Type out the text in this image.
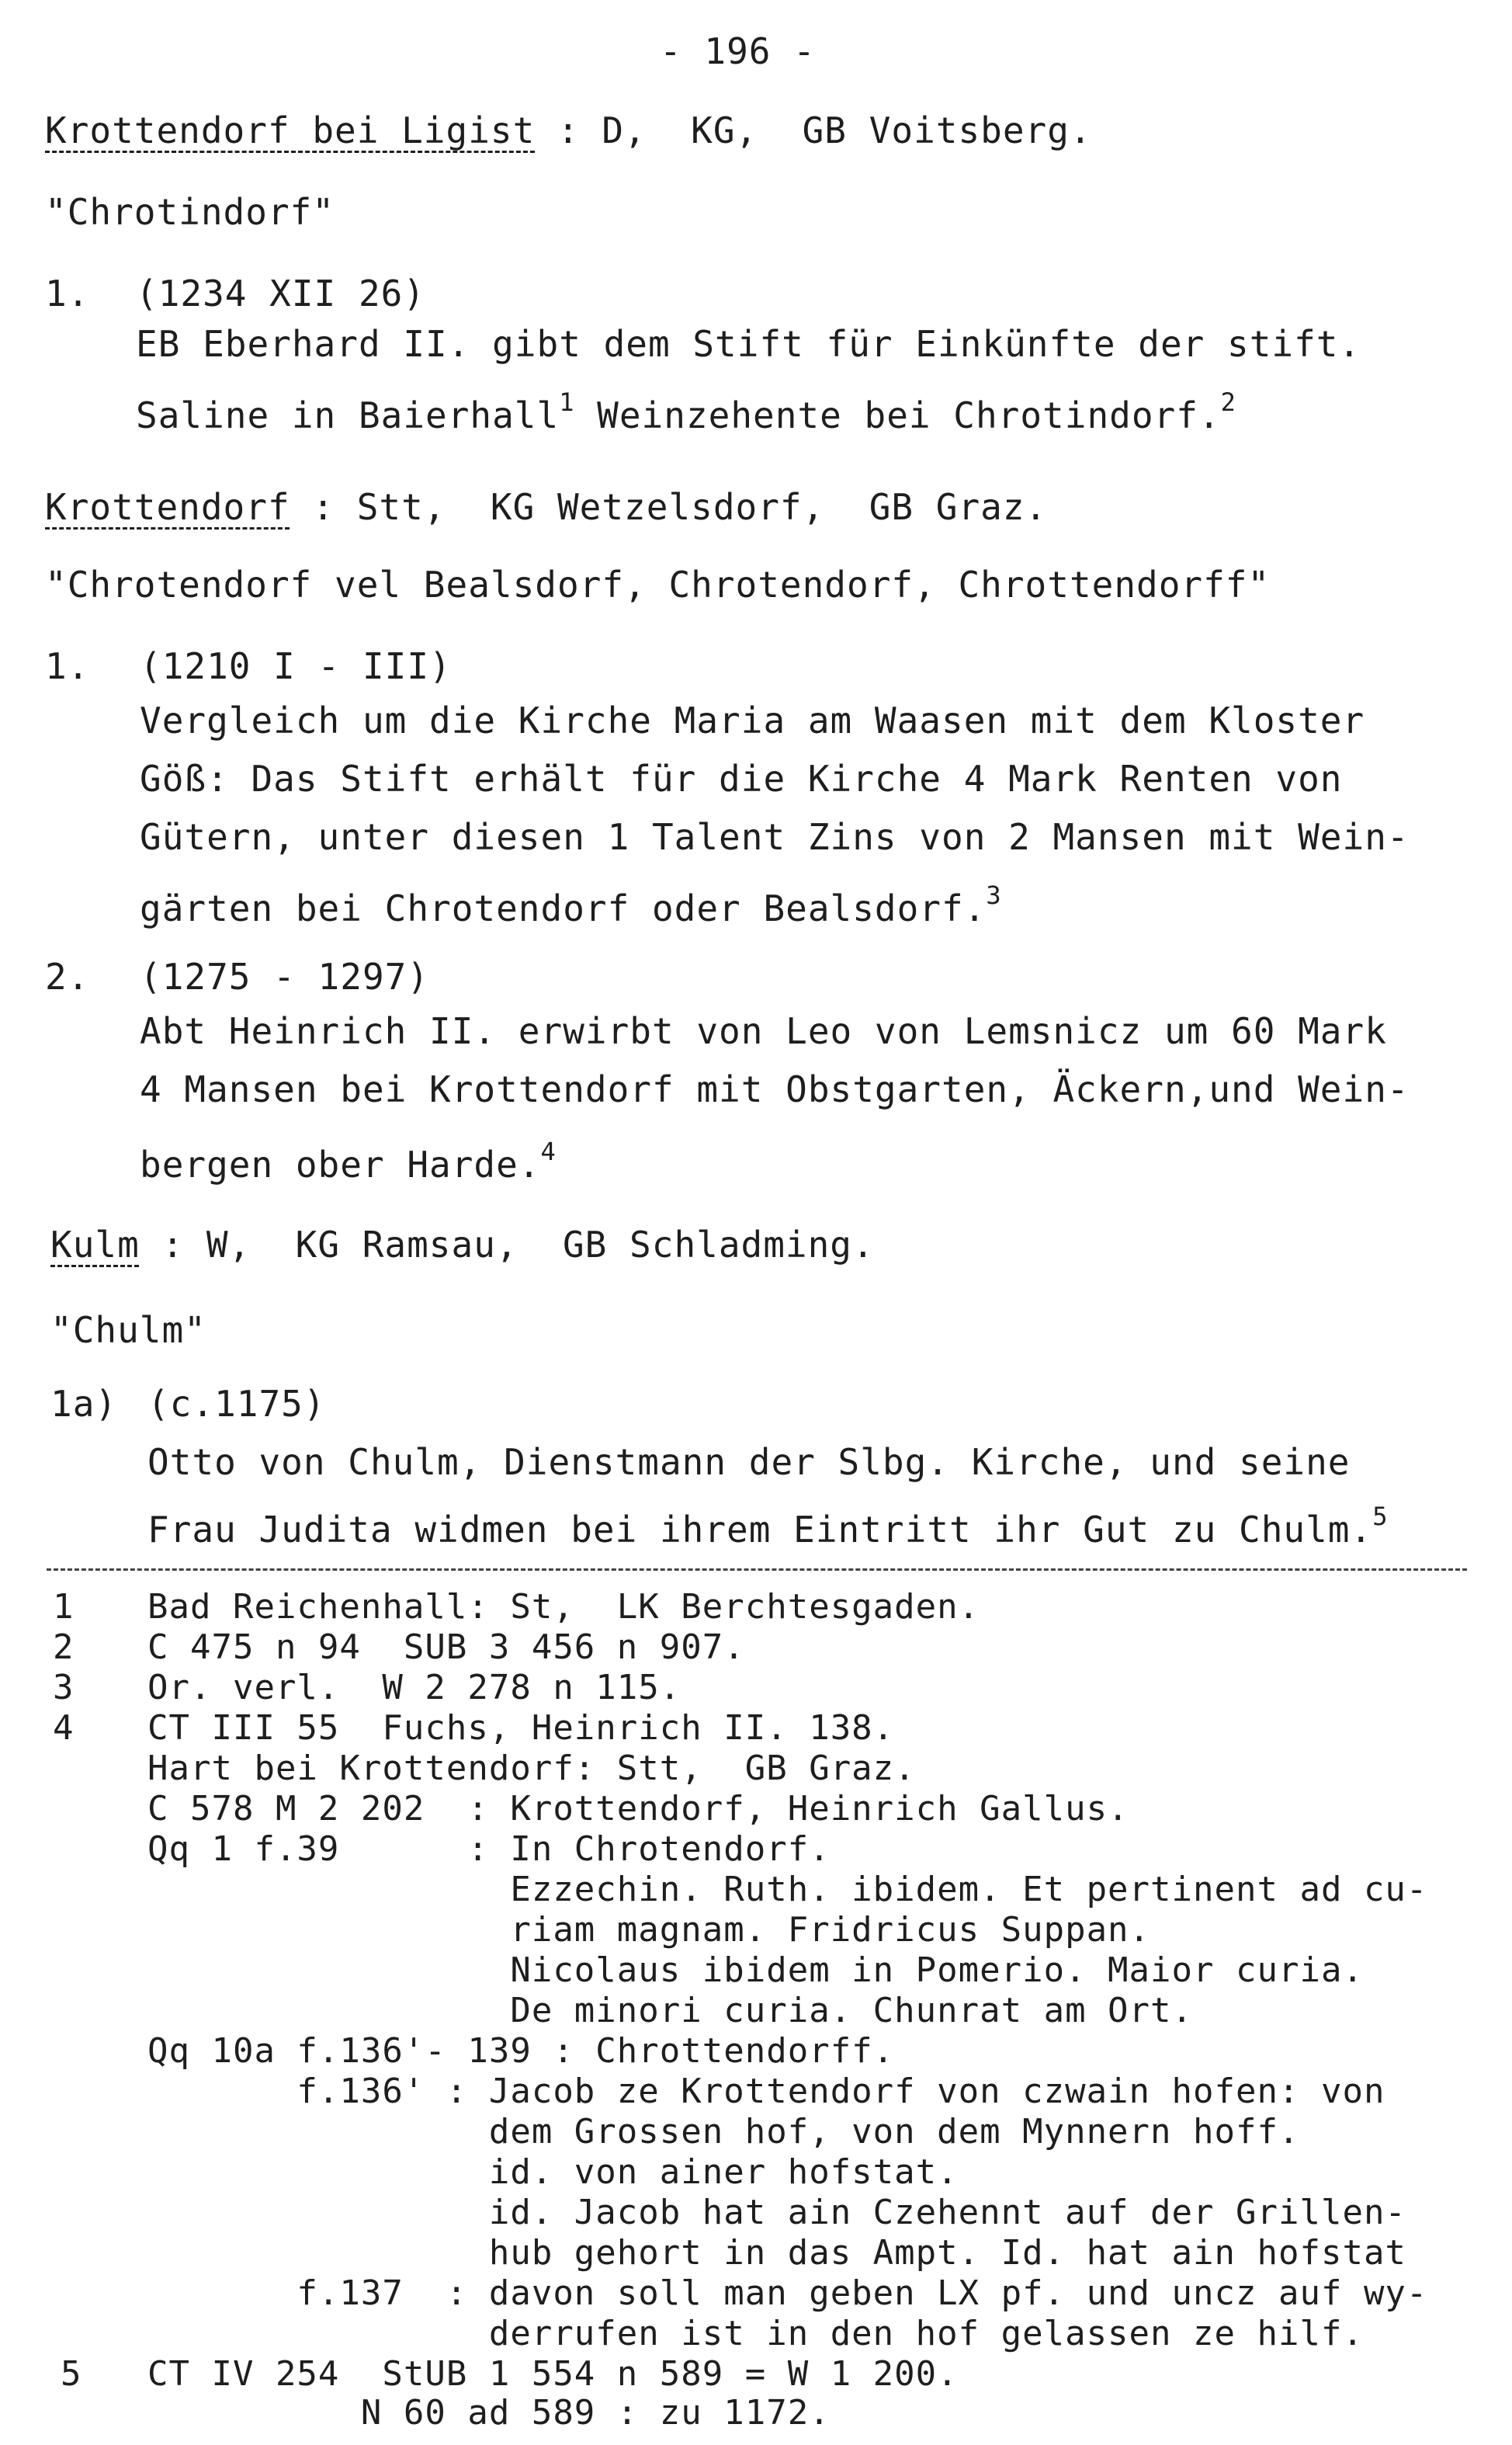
- 196 -
Krottendorf bei Ligist : D,  KG,  GB Voitsberg.
"Chrotindorf"
1. (1234 XII 26)
EB Eberhard II. gibt dem Stift für Einkünfte der stift.
Saline in Baierhall$^1$ Weinzehente bei Chrotindorf.$^2$
Krottendorf : Stt,  KG Wetzelsdorf,  GB Graz.
"Chrotendorf vel Bealsdorf, Chrotendorf, Chrottendorff"
1. (1210 I - III)
Vergleich um die Kirche Maria am Waasen mit dem Kloster
Göß: Das Stift erhält für die Kirche 4 Mark Renten von
Gütern, unter diesen 1 Talent Zins von 2 Mansen mit Wein-
gärten bei Chrotendorf oder Bealsdorf.$^3$
2. (1275 - 1297)
Abt Heinrich II. erwirbt von Leo von Lemsnicz um 60 Mark
4 Mansen bei Krottendorf mit Obstgarten, Äckern,und Wein-
bergen ober Harde.$^4$
Kulm : W,  KG Ramsau,  GB Schladming.
"Chulm"
1a) (c.1175)
Otto von Chulm, Dienstmann der Slbg. Kirche, und seine
Frau Judita widmen bei ihrem Eintritt ihr Gut zu Chulm.$^5$
1 Bad Reichenhall: St,  LK Berchtesgaden.
2 C 475 n 94  SUB 3 456 n 907.
3 Or. verl.  W 2 278 n 115.
4 CT III 55  Fuchs, Heinrich II. 138.
Hart bei Krottendorf: Stt,  GB Graz.
C 578 M 2 202  : Krottendorf, Heinrich Gallus.
Qq 1 f.39      : In Chrotendorf.
Ezzechin. Ruth. ibidem. Et pertinent ad cu-
riam magnam. Fridricus Suppan.
Nicolaus ibidem in Pomerio. Maior curia.
De minori curia. Chunrat am Ort.
Qq 10a f.136'- 139 : Chrottendorff.
f.136' : Jacob ze Krottendorf von czwain hofen: von
dem Grossen hof, von dem Mynnern hoff.
id. von ainer hofstat.
id. Jacob hat ain Czehennt auf der Grillen-
hub gehort in das Ampt. Id. hat ain hofstat
f.137  : davon soll man geben LX pf. und uncz auf wy-
derrufen ist in den hof gelassen ze hilf.
5 CT IV 254  StUB 1 554 n 589 = W 1 200.
N 60 ad 589 : zu 1172.
